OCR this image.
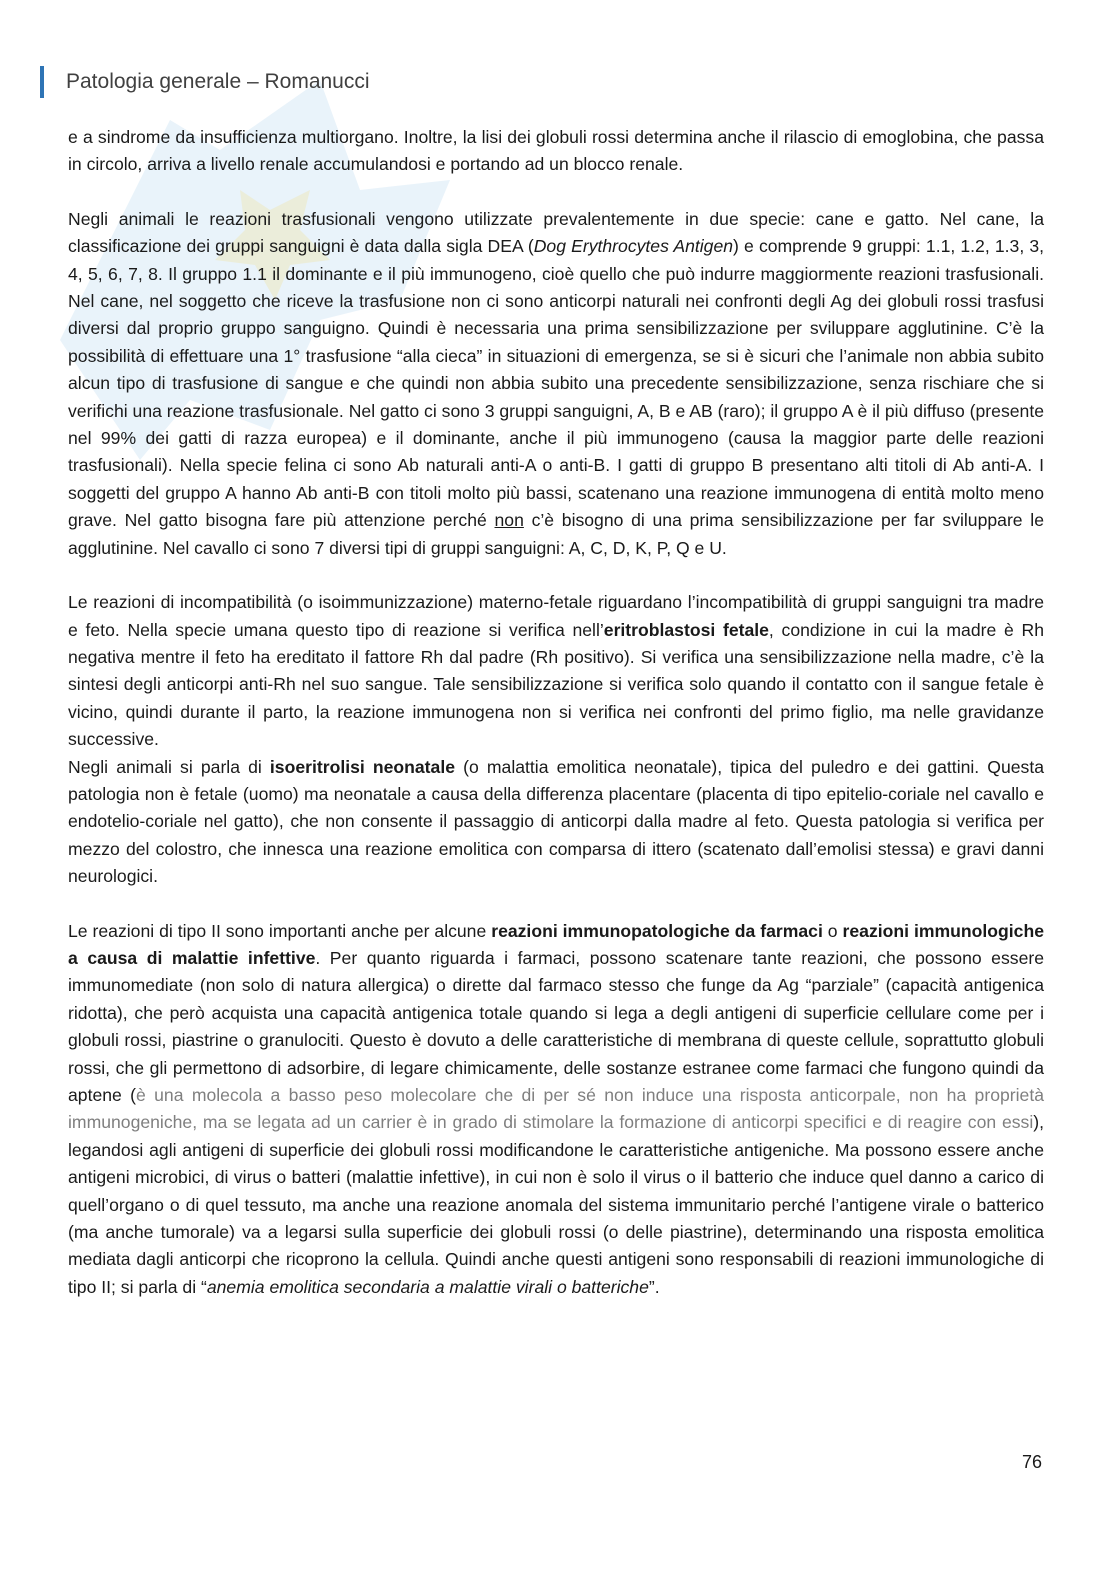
Patologia generale – Romanucci

e a sindrome da insufficienza multiorgano. Inoltre, la lisi dei globuli rossi determina anche il rilascio di emoglobina, che passa in circolo, arriva a livello renale accumulandosi e portando ad un blocco renale.

Negli animali le reazioni trasfusionali vengono utilizzate prevalentemente in due specie: cane e gatto. Nel cane, la classificazione dei gruppi sanguigni è data dalla sigla DEA (Dog Erythrocytes Antigen) e comprende 9 gruppi: 1.1, 1.2, 1.3, 3, 4, 5, 6, 7, 8. Il gruppo 1.1 il dominante e il più immunogeno, cioè quello che può indurre maggiormente reazioni trasfusionali. Nel cane, nel soggetto che riceve la trasfusione non ci sono anticorpi naturali nei confronti degli Ag dei globuli rossi trasfusi diversi dal proprio gruppo sanguigno. Quindi è necessaria una prima sensibilizzazione per sviluppare agglutinine. C’è la possibilità di effettuare una 1° trasfusione “alla cieca” in situazioni di emergenza, se si è sicuri che l’animale non abbia subito alcun tipo di trasfusione di sangue e che quindi non abbia subito una precedente sensibilizzazione, senza rischiare che si verifichi una reazione trasfusionale. Nel gatto ci sono 3 gruppi sanguigni, A, B e AB (raro); il gruppo A è il più diffuso (presente nel 99% dei gatti di razza europea) e il dominante, anche il più immunogeno (causa la maggior parte delle reazioni trasfusionali). Nella specie felina ci sono Ab naturali anti-A o anti-B. I gatti di gruppo B presentano alti titoli di Ab anti-A. I soggetti del gruppo A hanno Ab anti-B con titoli molto più bassi, scatenano una reazione immunogena di entità molto meno grave. Nel gatto bisogna fare più attenzione perché non c’è bisogno di una prima sensibilizzazione per far sviluppare le agglutinine. Nel cavallo ci sono 7 diversi tipi di gruppi sanguigni: A, C, D, K, P, Q e U.

Le reazioni di incompatibilità (o isoimmunizzazione) materno-fetale riguardano l’incompatibilità di gruppi sanguigni tra madre e feto. Nella specie umana questo tipo di reazione si verifica nell’eritroblastosi fetale, condizione in cui la madre è Rh negativa mentre il feto ha ereditato il fattore Rh dal padre (Rh positivo). Si verifica una sensibilizzazione nella madre, c’è la sintesi degli anticorpi anti-Rh nel suo sangue. Tale sensibilizzazione si verifica solo quando il contatto con il sangue fetale è vicino, quindi durante il parto, la reazione immunogena non si verifica nei confronti del primo figlio, ma nelle gravidanze successive.

Negli animali si parla di isoeritrolisi neonatale (o malattia emolitica neonatale), tipica del puledro e dei gattini. Questa patologia non è fetale (uomo) ma neonatale a causa della differenza placentare (placenta di tipo epitelio-coriale nel cavallo e endotelio-coriale nel gatto), che non consente il passaggio di anticorpi dalla madre al feto. Questa patologia si verifica per mezzo del colostro, che innesca una reazione emolitica con comparsa di ittero (scatenato dall’emolisi stessa) e gravi danni neurologici.

Le reazioni di tipo II sono importanti anche per alcune reazioni immunopatologiche da farmaci o reazioni immunologiche a causa di malattie infettive. Per quanto riguarda i farmaci, possono scatenare tante reazioni, che possono essere immunomediate (non solo di natura allergica) o dirette dal farmaco stesso che funge da Ag “parziale” (capacità antigenica ridotta), che però acquista una capacità antigenica totale quando si lega a degli antigeni di superficie cellulare come per i globuli rossi, piastrine o granulociti. Questo è dovuto a delle caratteristiche di membrana di queste cellule, soprattutto globuli rossi, che gli permettono di adsorbire, di legare chimicamente, delle sostanze estranee come farmaci che fungono quindi da aptene (è una molecola a basso peso molecolare che di per sé non induce una risposta anticorpale, non ha proprietà immunogeniche, ma se legata ad un carrier è in grado di stimolare la formazione di anticorpi specifici e di reagire con essi), legandosi agli antigeni di superficie dei globuli rossi modificandone le caratteristiche antigeniche. Ma possono essere anche antigeni microbici, di virus o batteri (malattie infettive), in cui non è solo il virus o il batterio che induce quel danno a carico di quell’organo o di quel tessuto, ma anche una reazione anomala del sistema immunitario perché l’antigene virale o batterico (ma anche tumorale) va a legarsi sulla superficie dei globuli rossi (o delle piastrine), determinando una risposta emolitica mediata dagli anticorpi che ricoprono la cellula. Quindi anche questi antigeni sono responsabili di reazioni immunologiche di tipo II; si parla di “anemia emolitica secondaria a malattie virali o batteriche”.

76
